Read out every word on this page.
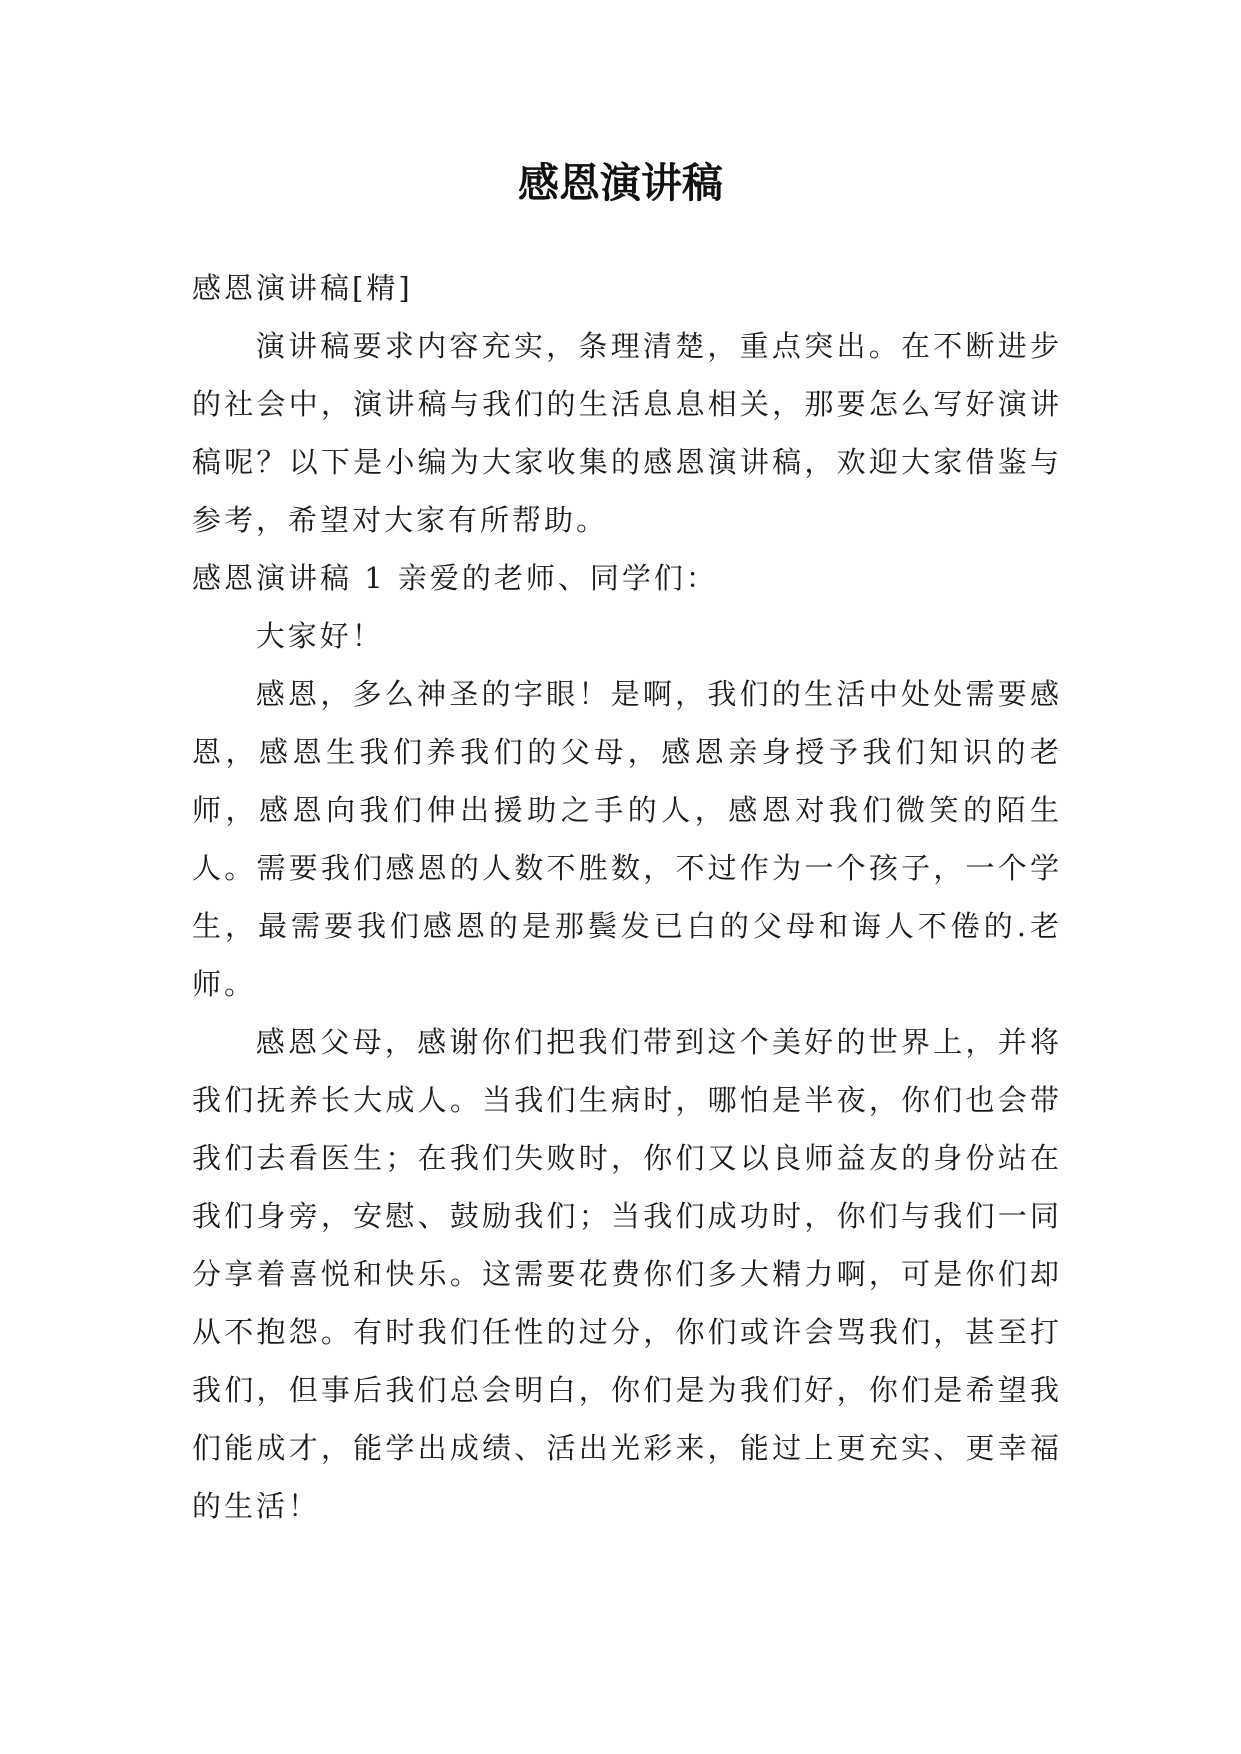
感恩演讲稿

感恩演讲稿[精]

演讲稿要求内容充实，条理清楚，重点突出。在不断进步的社会中，演讲稿与我们的生活息息相关，那要怎么写好演讲稿呢？以下是小编为大家收集的感恩演讲稿，欢迎大家借鉴与参考，希望对大家有所帮助。

感恩演讲稿 1 亲爱的老师、同学们：

大家好！

感恩，多么神圣的字眼！是啊，我们的生活中处处需要感恩，感恩生我们养我们的父母，感恩亲身授予我们知识的老师，感恩向我们伸出援助之手的人，感恩对我们微笑的陌生人。需要我们感恩的人数不胜数，不过作为一个孩子，一个学生，最需要我们感恩的是那鬓发已白的父母和诲人不倦的.老师。

感恩父母，感谢你们把我们带到这个美好的世界上，并将我们抚养长大成人。当我们生病时，哪怕是半夜，你们也会带我们去看医生；在我们失败时，你们又以良师益友的身份站在我们身旁，安慰、鼓励我们；当我们成功时，你们与我们一同分享着喜悦和快乐。这需要花费你们多大精力啊，可是你们却从不抱怨。有时我们任性的过分，你们或许会骂我们，甚至打我们，但事后我们总会明白，你们是为我们好，你们是希望我们能成才，能学出成绩、活出光彩来，能过上更充实、更幸福的生活！
